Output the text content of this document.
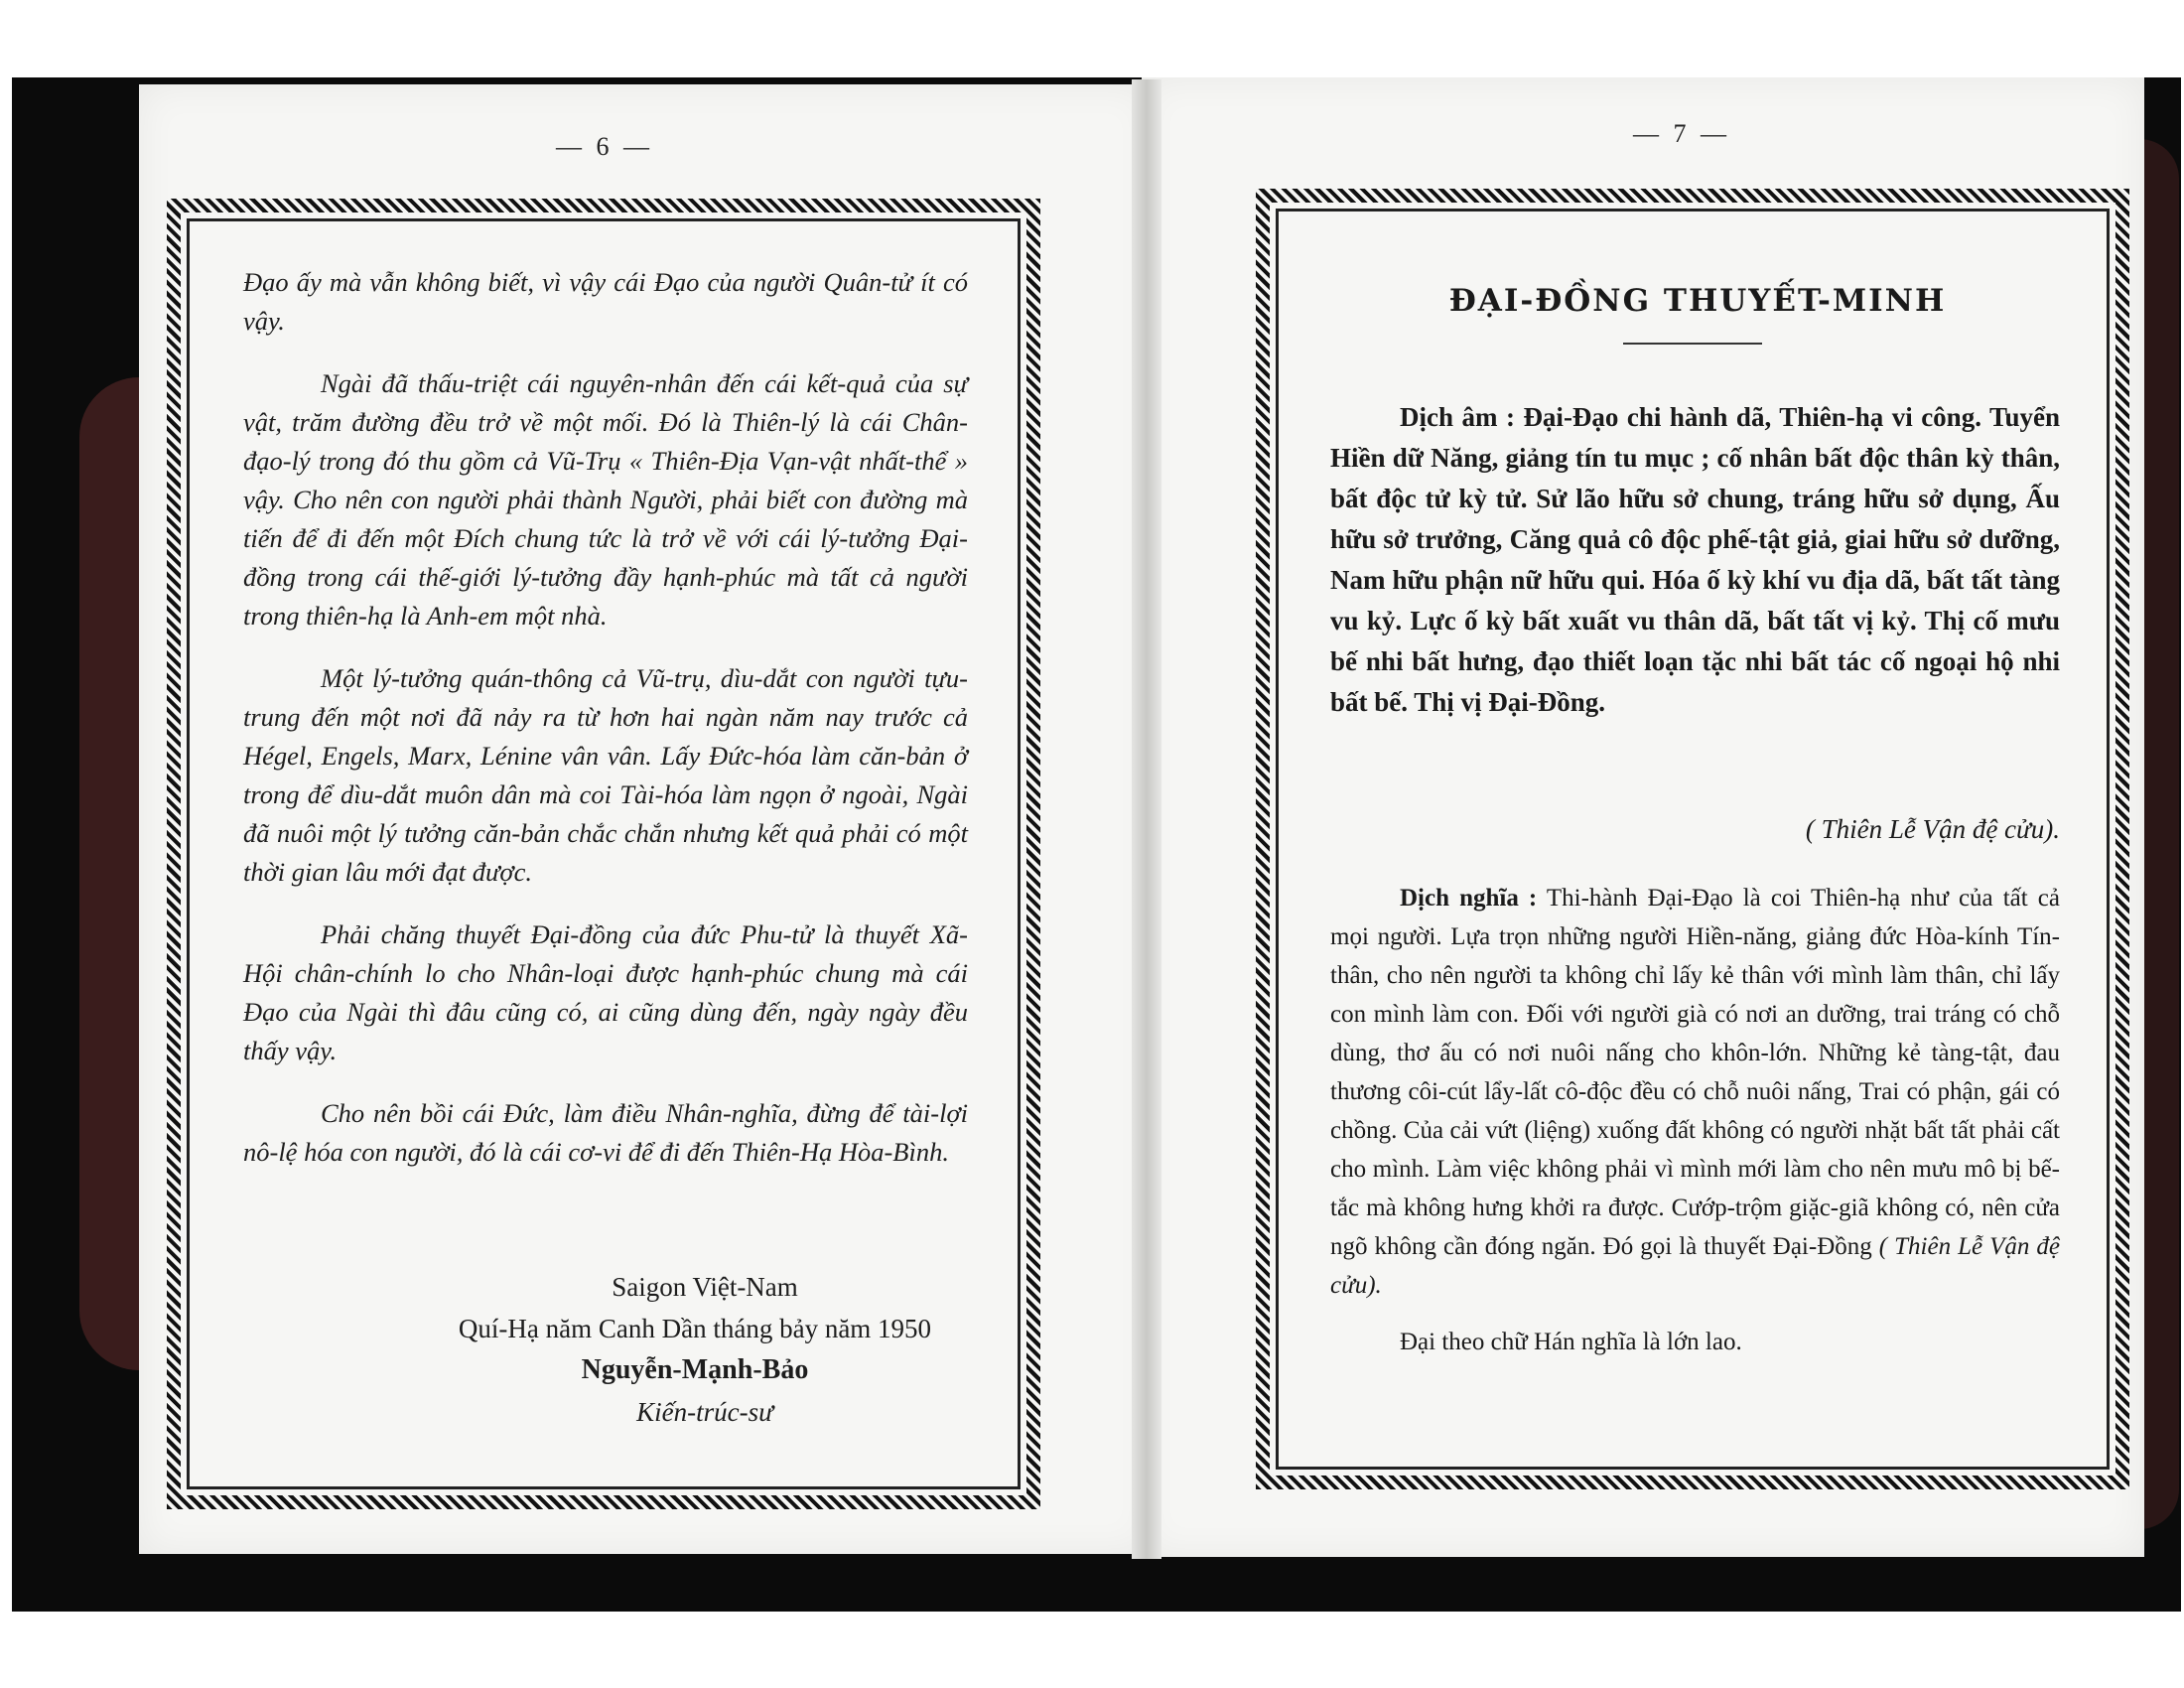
— 6 —	— 7 —

Đạo ấy mà vẫn không biết, vì vậy cái Đạo của người Quân-tử ít có vậy.

Ngài đã thấu-triệt cái nguyên-nhân đến cái kết-quả của sự vật, trăm đường đều trở về một mối. Đó là Thiên-lý là cái Chân-đạo-lý trong đó thu gồm cả Vũ-Trụ « Thiên-Địa Vạn-vật nhất-thể » vậy. Cho nên con người phải thành Người, phải biết con đường mà tiến để đi đến một Đích chung tức là trở về với cái lý-tưởng Đại-đồng trong cái thế-giới lý-tưởng đầy hạnh-phúc mà tất cả người trong thiên-hạ là Anh-em một nhà.

Một lý-tưởng quán-thông cả Vũ-trụ, dìu-dắt con người tựu-trung đến một nơi đã nảy ra từ hơn hai ngàn năm nay trước cả Hégel, Engels, Marx, Lénine vân vân. Lấy Đức-hóa làm căn-bản ở trong để dìu-dắt muôn dân mà coi Tài-hóa làm ngọn ở ngoài, Ngài đã nuôi một lý tưởng căn-bản chắc chắn nhưng kết quả phải có một thời gian lâu mới đạt được.

Phải chăng thuyết Đại-đồng của đức Phu-tử là thuyết Xã-Hội chân-chính lo cho Nhân-loại được hạnh-phúc chung mà cái Đạo của Ngài thì đâu cũng có, ai cũng dùng đến, ngày ngày đều thấy vậy.

Cho nên bồi cái Đức, làm điều Nhân-nghĩa, đừng để tài-lợi nô-lệ hóa con người, đó là cái cơ-vi để đi đến Thiên-Hạ Hòa-Bình.

Saigon Việt-Nam
Quí-Hạ năm Canh Dần tháng bảy năm 1950
Nguyễn-Mạnh-Bảo
Kiến-trúc-sư
ĐẠI-ĐỒNG THUYẾT-MINH

Dịch âm : Đại-Đạo chi hành dã, Thiên-hạ vi công. Tuyển Hiền dữ Năng, giảng tín tu mục ; cố nhân bất độc thân kỳ thân, bất độc tử kỳ tử. Sử lão hữu sở chung, tráng hữu sở dụng, Ấu hữu sở trưởng, Căng quả cô độc phế-tật giả, giai hữu sở dưỡng, Nam hữu phận nữ hữu qui. Hóa ố kỳ khí vu địa dã, bất tất tàng vu kỷ. Lực ố kỳ bất xuất vu thân dã, bất tất vị kỷ. Thị cố mưu bế nhi bất hưng, đạo thiết loạn tặc nhi bất tác cố ngoại hộ nhi bất bế. Thị vị Đại-Đồng.

( Thiên Lễ Vận đệ cửu).

Dịch nghĩa : Thi-hành Đại-Đạo là coi Thiên-hạ như của tất cả mọi người. Lựa trọn những người Hiền-năng, giảng đức Hòa-kính Tín-thân, cho nên người ta không chỉ lấy kẻ thân với mình làm thân, chỉ lấy con mình làm con. Đối với người già có nơi an dưỡng, trai tráng có chỗ dùng, thơ ấu có nơi nuôi nấng cho khôn-lớn. Những kẻ tàng-tật, đau thương côi-cút lẩy-lất cô-độc đều có chỗ nuôi nấng, Trai có phận, gái có chồng. Của cải vứt (liệng) xuống đất không có người nhặt bất tất phải cất cho mình. Làm việc không phải vì mình mới làm cho nên mưu mô bị bế-tắc mà không hưng khởi ra được. Cướp-trộm giặc-giã không có, nên cửa ngõ không cần đóng ngăn. Đó gọi là thuyết Đại-Đồng ( Thiên Lễ Vận đệ cửu).

Đại theo chữ Hán nghĩa là lớn lao.
